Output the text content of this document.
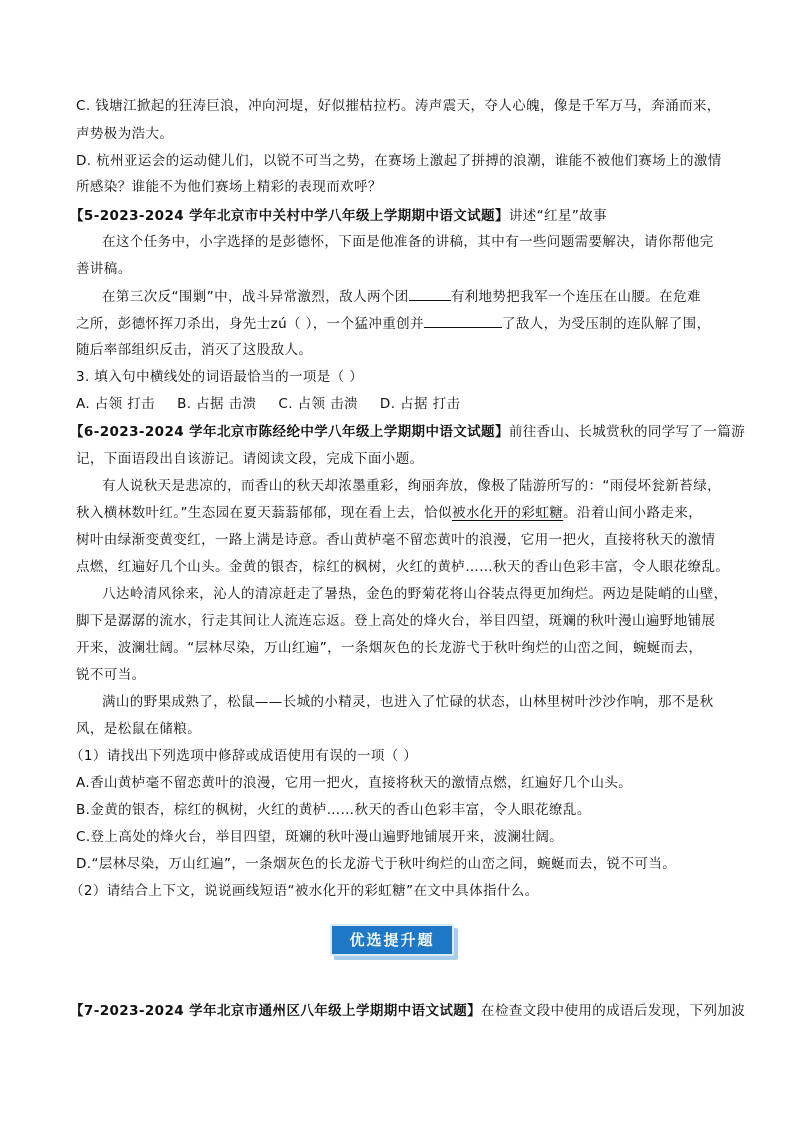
C. 钱塘江掀起的狂涛巨浪，冲向河堤，好似摧枯拉朽。涛声震天，夺人心魄，像是千军万马，奔涌而来，
声势极为浩大。
D. 杭州亚运会的运动健儿们，以锐不可当之势，在赛场上激起了拼搏的浪潮，谁能不被他们赛场上的激情
所感染？谁能不为他们赛场上精彩的表现而欢呼？
【5-2023-2024 学年北京市中关村中学八年级上学期期中语文试题】讲述“红星”故事
在这个任务中，小字选择的是彭德怀，下面是他准备的讲稿，其中有一些问题需要解决，请你帮他完
善讲稿。
在第三次反“围剿”中，战斗异常激烈，敌人两个团	有利地势把我军一个连压在山腰。在危难
之所，彭德怀挥刀杀出，身先士zú（ ），一个猛冲重创并	了敌人，为受压制的连队解了围，
随后率部组织反击，消灭了这股敌人。
3. 填入句中横线处的词语最恰当的一项是（ ）
A. 占领 打击 B. 占据 击溃 C. 占领 击溃 D. 占据 打击
【6-2023-2024 学年北京市陈经纶中学八年级上学期期中语文试题】前往香山、长城赏秋的同学写了一篇游
记，下面语段出自该游记。请阅读文段，完成下面小题。
有人说秋天是悲凉的，而香山的秋天却浓墨重彩，绚丽奔放，像极了陆游所写的：“雨侵坏瓮新苔绿，
秋入横林数叶红。”生态园在夏天蓊蓊郁郁，现在看上去，恰似被水化开的彩虹糖。沿着山间小路走来，
树叶由绿渐变黄变红，一路上满是诗意。香山黄栌毫不留恋黄叶的浪漫，它用一把火，直接将秋天的激情
点燃，红遍好几个山头。金黄的银杏，棕红的枫树，火红的黄栌……秋天的香山色彩丰富，令人眼花缭乱。
八达岭清风徐来，沁人的清凉赶走了暑热，金色的野菊花将山谷装点得更加绚烂。两边是陡峭的山壁，
脚下是潺潺的流水，行走其间让人流连忘返。登上高处的烽火台，举目四望，斑斓的秋叶漫山遍野地铺展
开来，波澜壮阔。“层林尽染，万山红遍”，一条烟灰色的长龙游弋于秋叶绚烂的山峦之间，蜿蜒而去，
锐不可当。
满山的野果成熟了，松鼠——长城的小精灵，也进入了忙碌的状态，山林里树叶沙沙作响，那不是秋
风，是松鼠在储粮。
（1）请找出下列选项中修辞或成语使用有误的一项（ ）
A.香山黄栌毫不留恋黄叶的浪漫，它用一把火，直接将秋天的激情点燃，红遍好几个山头。
B.金黄的银杏，棕红的枫树，火红的黄栌……秋天的香山色彩丰富，令人眼花缭乱。
C.登上高处的烽火台，举目四望，斑斓的秋叶漫山遍野地铺展开来，波澜壮阔。
D.“层林尽染，万山红遍”，一条烟灰色的长龙游弋于秋叶绚烂的山峦之间，蜿蜒而去，锐不可当。
（2）请结合上下文，说说画线短语“被水化开的彩虹糖”在文中具体指什么。
优选提升题
【7-2023-2024 学年北京市通州区八年级上学期期中语文试题】在检查文段中使用的成语后发现，下列加波
